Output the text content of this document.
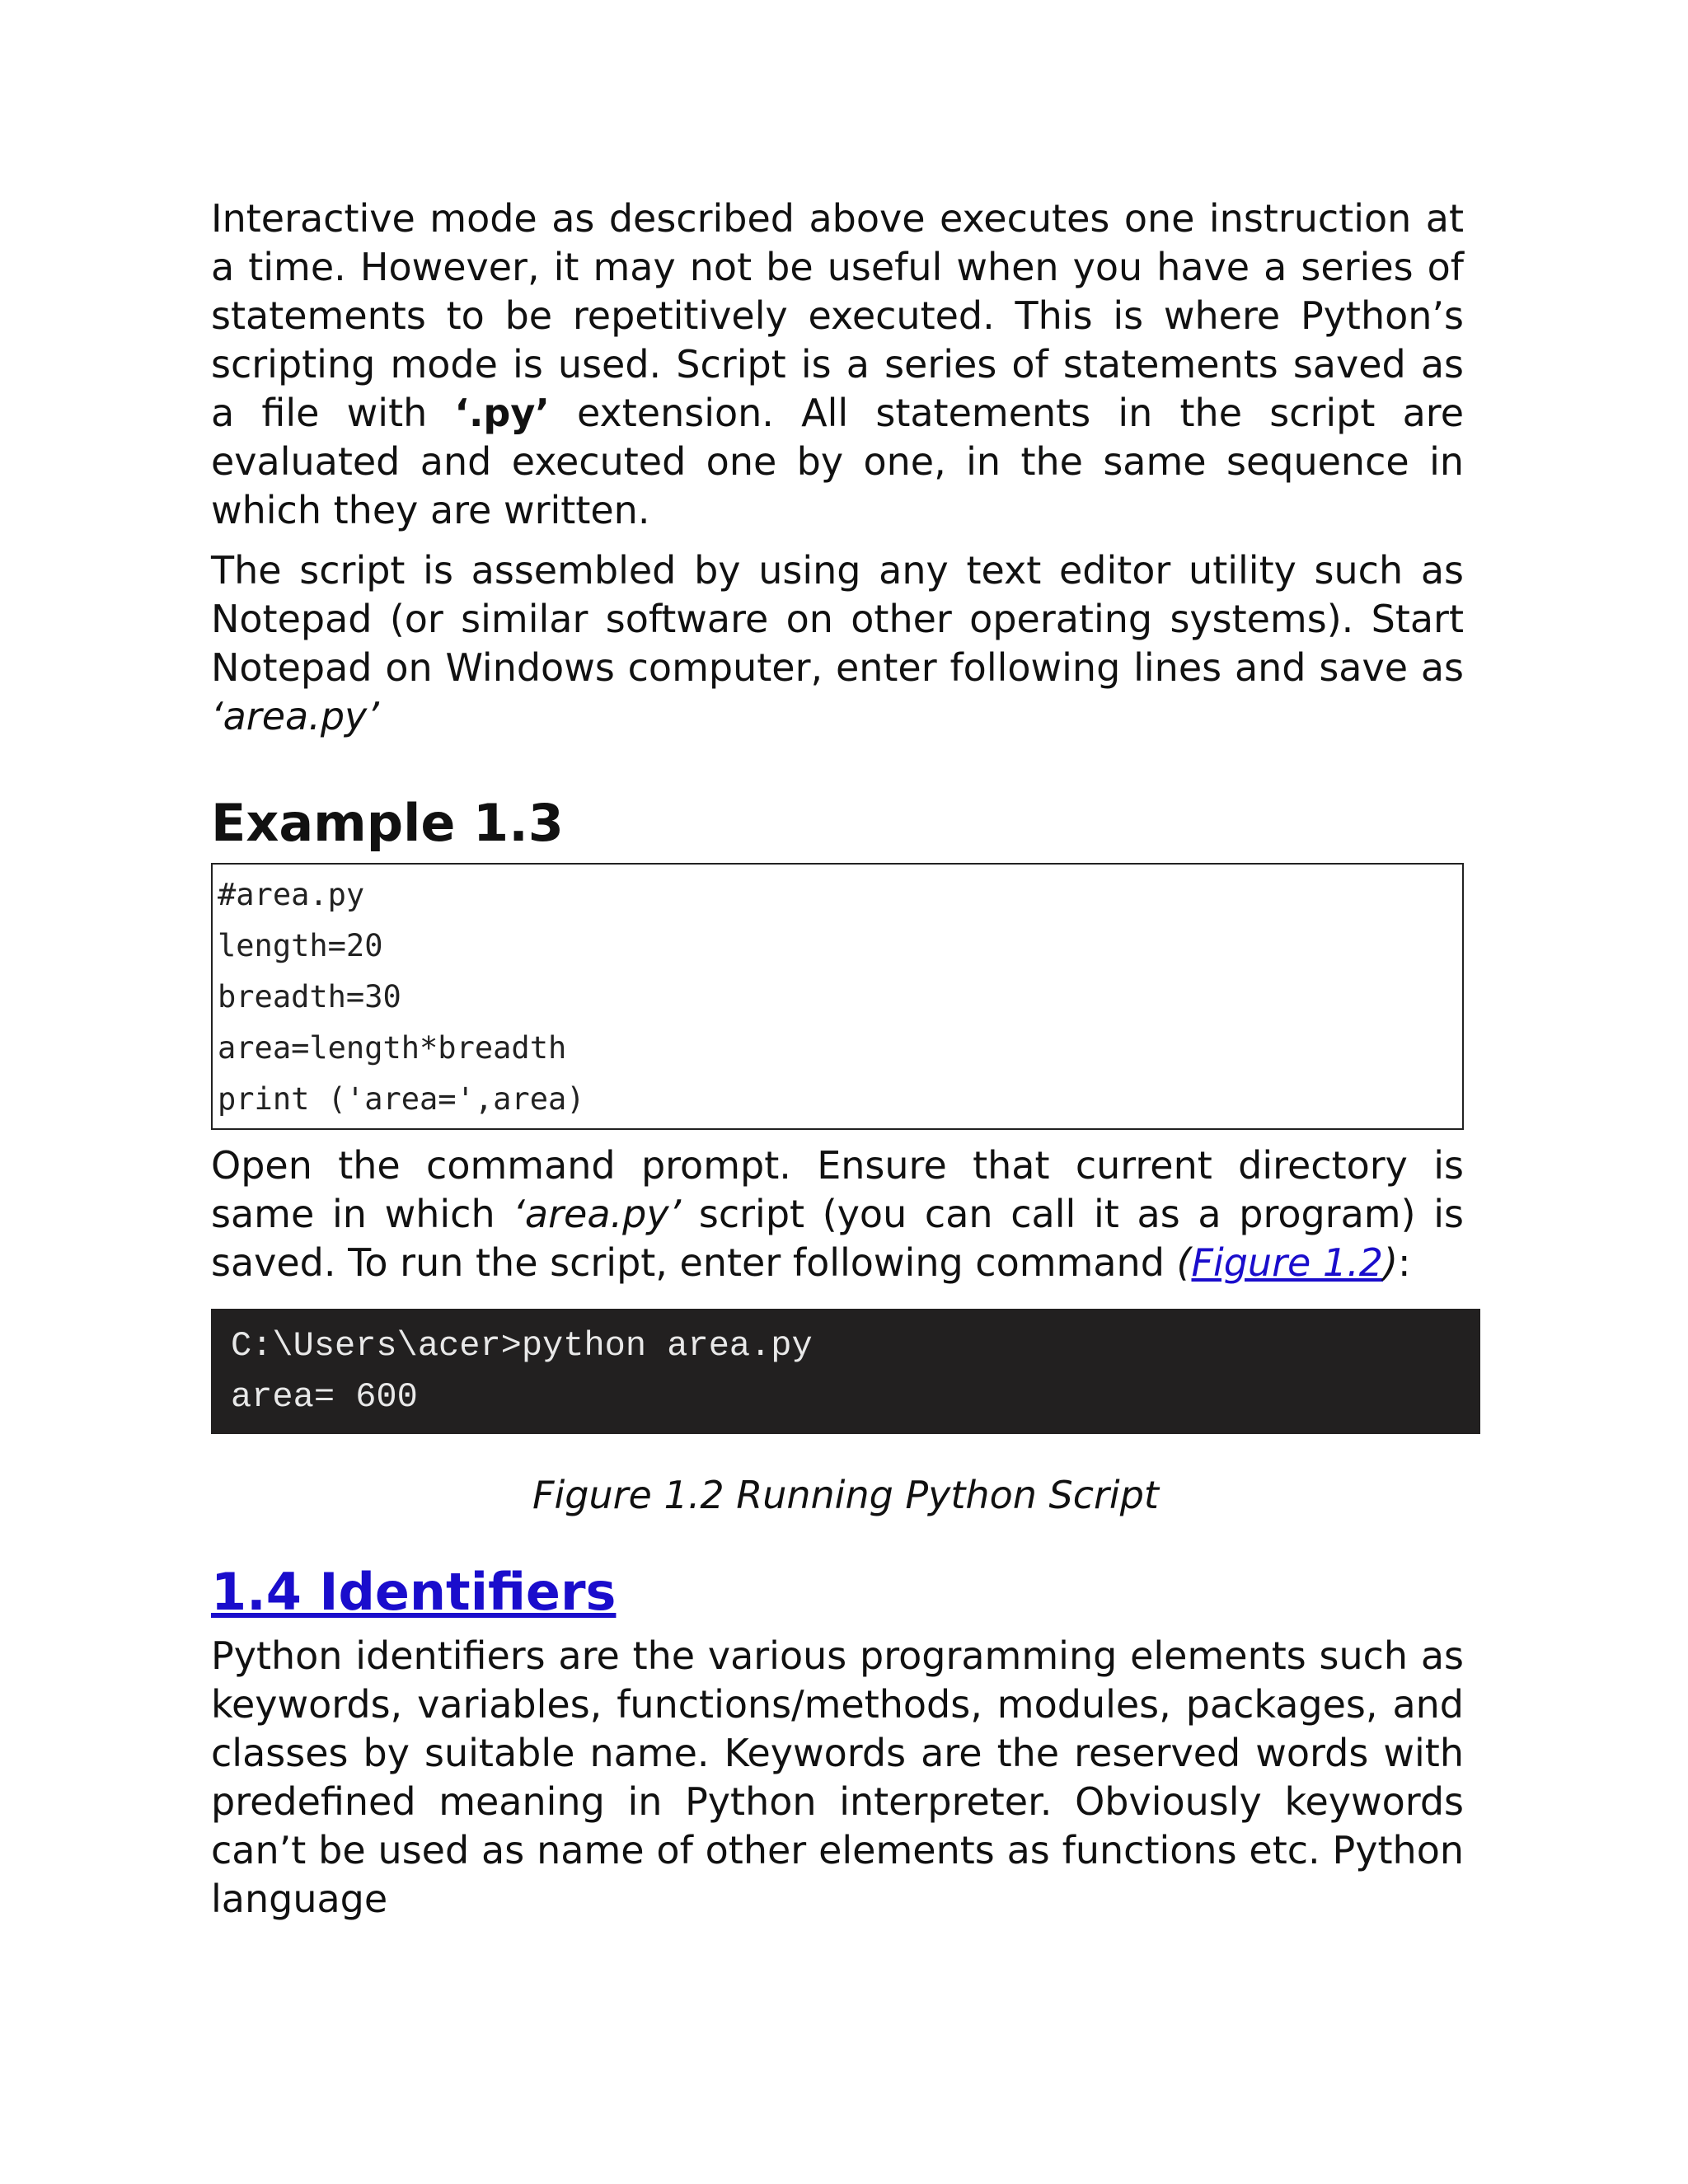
Interactive mode as described above executes one instruction at a time. However, it may not be useful when you have a series of statements to be repetitively executed. This is where Python’s scripting mode is used. Script is a series of statements saved as a file with ‘.py’ extension. All statements in the script are evaluated and executed one by one, in the same sequence in which they are written.

The script is assembled by using any text editor utility such as Notepad (or similar software on other operating systems). Start Notepad on Windows computer, enter following lines and save as ‘area.py’

Example 1.3
#area.py
length=20
breadth=30
area=length*breadth
print ('area=',area)

Open the command prompt. Ensure that current directory is same in which ‘area.py’ script (you can call it as a program) is saved. To run the script, enter following command (Figure 1.2):

C:\Users\acer>python area.py
area= 600
Figure 1.2 Running Python Script
1.4 Identifiers

Python identifiers are the various programming elements such as keywords, variables, functions/methods, modules, packages, and classes by suitable name. Keywords are the reserved words with predefined meaning in Python interpreter. Obviously keywords can’t be used as name of other elements as functions etc. Python language
